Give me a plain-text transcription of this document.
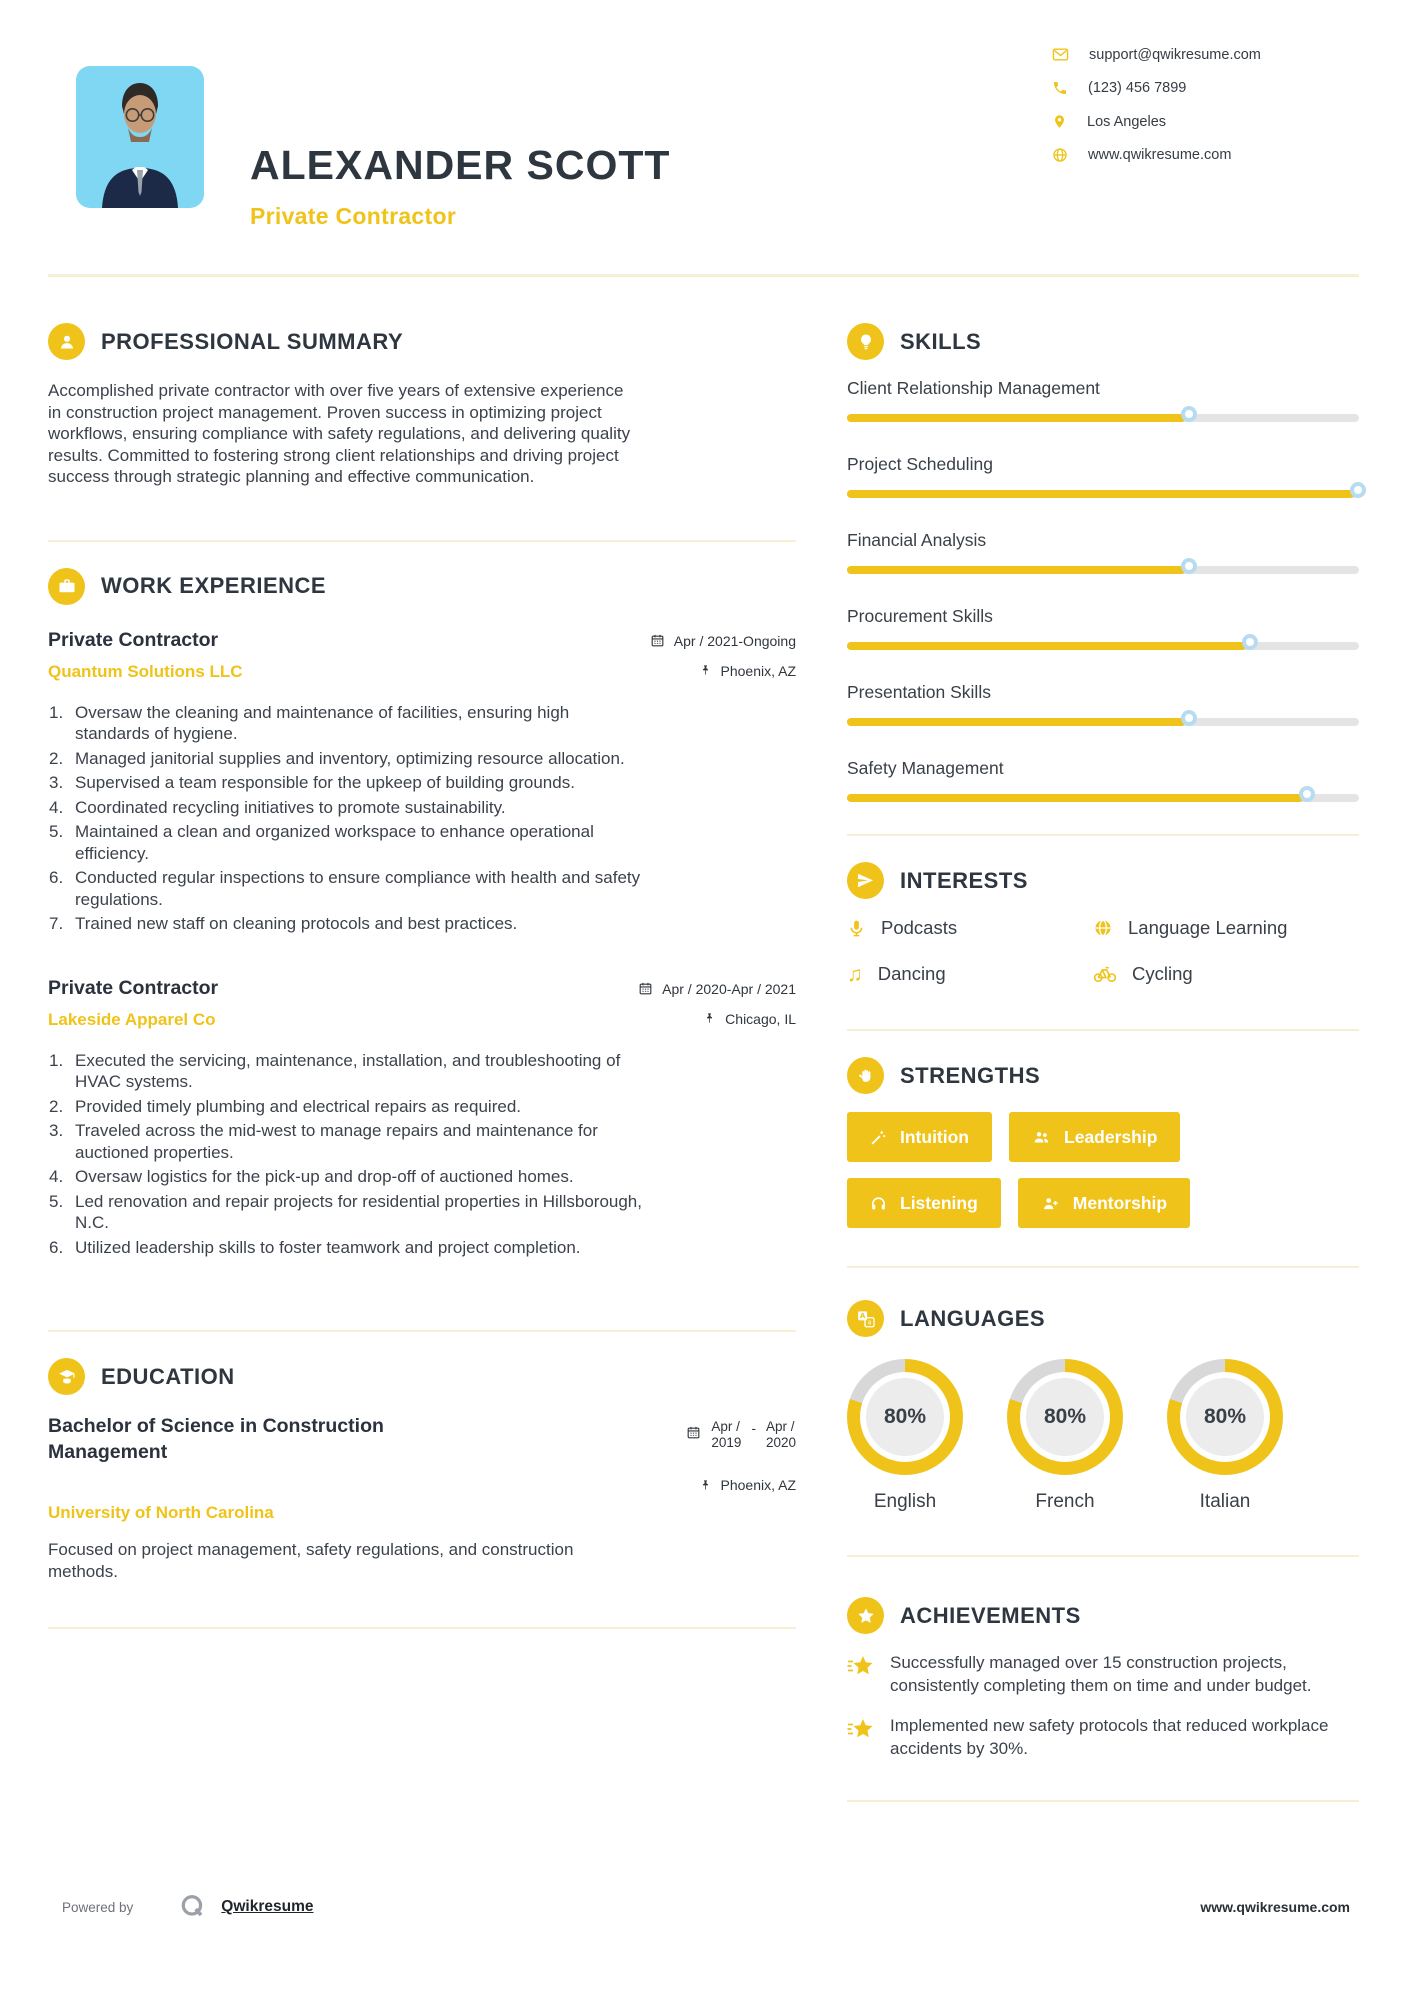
ALEXANDER SCOTT
Private Contractor
support@qwikresume.com
(123) 456 7899
Los Angeles
www.qwikresume.com
PROFESSIONAL SUMMARY

Accomplished private contractor with over five years of extensive experience in construction project management. Proven success in optimizing project workflows, ensuring compliance with safety regulations, and delivering quality results. Committed to fostering strong client relationships and driving project success through strategic planning and effective communication.

WORK EXPERIENCE
Private Contractor
Quantum Solutions LLC
Apr / 2021-Ongoing
Phoenix, AZ
Oversaw the cleaning and maintenance of facilities, ensuring high standards of hygiene.
Managed janitorial supplies and inventory, optimizing resource allocation.
Supervised a team responsible for the upkeep of building grounds.
Coordinated recycling initiatives to promote sustainability.
Maintained a clean and organized workspace to enhance operational efficiency.
Conducted regular inspections to ensure compliance with health and safety regulations.
Trained new staff on cleaning protocols and best practices.
Private Contractor
Lakeside Apparel Co
Apr / 2020-Apr / 2021
Chicago, IL
Executed the servicing, maintenance, installation, and troubleshooting of HVAC systems.
Provided timely plumbing and electrical repairs as required.
Traveled across the mid-west to manage repairs and maintenance for auctioned properties.
Oversaw logistics for the pick-up and drop-off of auctioned homes.
Led renovation and repair projects for residential properties in Hillsborough, N.C.
Utilized leadership skills to foster teamwork and project completion.
EDUCATION
Bachelor of Science in Construction Management
Apr /
2019
- Apr /
2020
Phoenix, AZ
University of North Carolina

Focused on project management, safety regulations, and construction methods.

SKILLS
Client Relationship Management
Project Scheduling
Financial Analysis
Procurement Skills
Presentation Skills
Safety Management
INTERESTS
Podcasts	Language Learning
♫ Dancing	Cycling
STRENGTHS
Intuition	Leadership
Listening	Mentorship
A
a LANGUAGES
80%
English
80%
French
80%
Italian
ACHIEVEMENTS
Successfully managed over 15 construction projects, consistently completing them on time and under budget.
Implemented new safety protocols that reduced workplace accidents by 30%.
Powered by	Qwikresume	www.qwikresume.com
